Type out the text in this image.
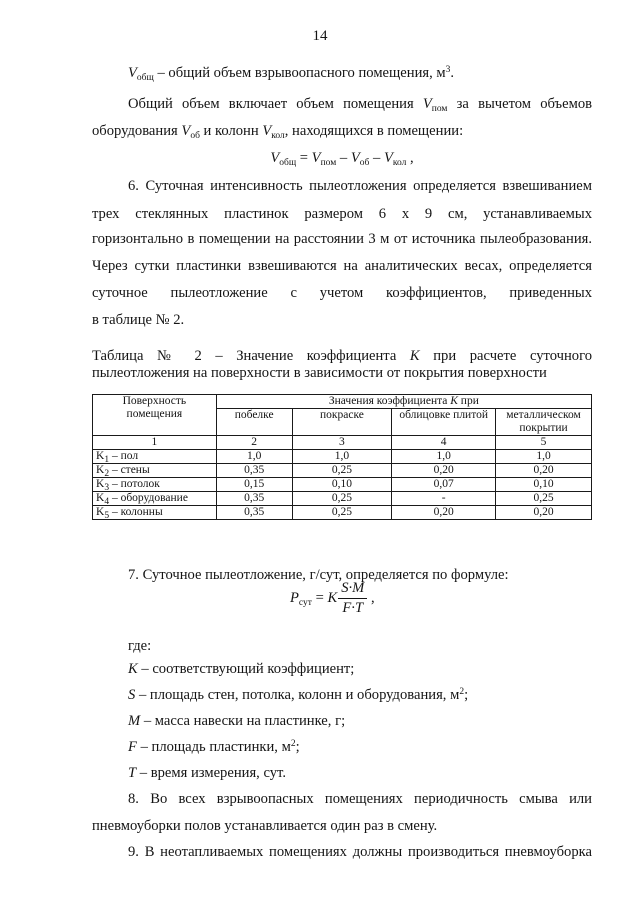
14
$V_{общ}$ – общий объем взрывоопасного помещения, $м^3$.
Общий объем включает объем помещения $V_{пом}$ за вычетом объемов
оборудования $V_{об}$ и колонн $V_{кол}$, находящихся в помещении:
$V_{общ} = V_{пом} - V_{об} - V_{кол}$ ,
6. Суточная интенсивность пылеотложения определяется взвешиванием
трех стеклянных пластинок размером 6 х 9 см, устанавливаемых
горизонтально в помещении на расстоянии 3 м от источника пылеобразования.
Через сутки пластинки взвешиваются на аналитических весах, определяется
суточное пылеотложение с учетом коэффициентов, приведенных
в таблице № 2.
Таблица № 2 – Значение коэффициента K при расчете суточного
пылеотложения на поверхности в зависимости от покрытия поверхности
Поверхность помещения	Значения коэффициента K при			
	побелке	покраске	облицовке плитой	металлическом покрытии
1	2	3	4	5
$K_1$ – пол	1,0	1,0	1,0	1,0
$K_2$ – стены	0,35	0,25	0,20	0,20
$K_3$ – потолок	0,15	0,10	0,07	0,10
$K_4$ – оборудование	0,35	0,25	-	0,25
$K_5$ – колонны	0,35	0,25	0,20	0,20
7. Суточное пылеотложение, г/сут, определяется по формуле:
$P_{сут} = K \frac{S\cdot M}{F\cdot T}$ ,
где:
K – соответствующий коэффициент;
S – площадь стен, потолка, колонн и оборудования, $м^2$;
M – масса навески на пластинке, г;
F – площадь пластинки, $м^2$;
T – время измерения, сут.
8. Во всех взрывоопасных помещениях периодичность смыва или
пневмоуборки полов устанавливается один раз в смену.
9. В неотапливаемых помещениях должны производиться пневмоуборка
